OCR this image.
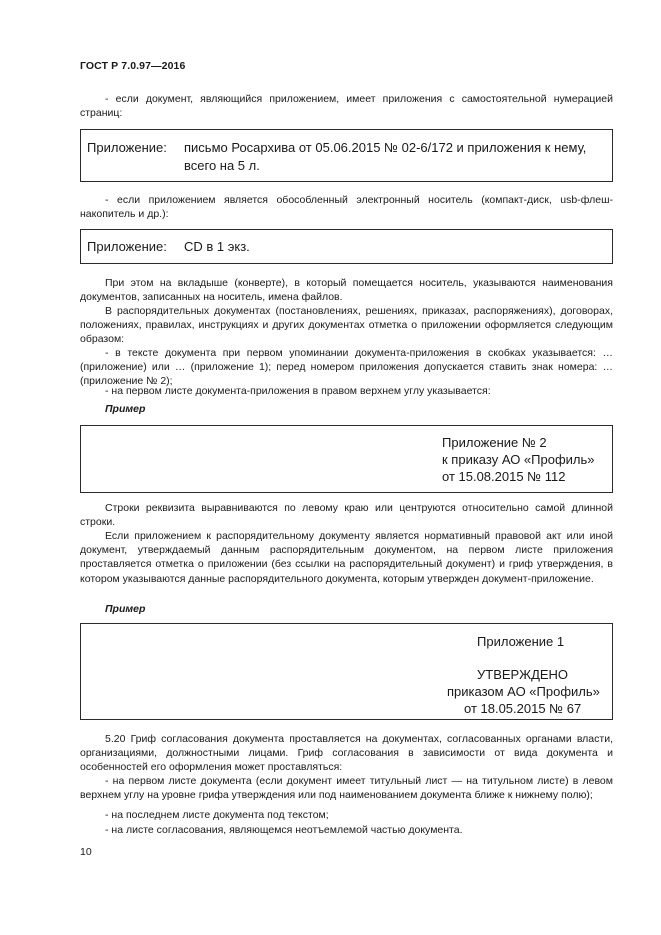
ГОСТ Р 7.0.97—2016
- если документ, являющийся приложением, имеет приложения с самостоятельной нумерацией страниц:
Приложение: письмо Росархива от 05.06.2015 № 02-6/172 и приложения к нему,
всего на 5 л.
- если приложением является обособленный электронный носитель (компакт-диск, usb-флеш-накопитель и др.):
Приложение: CD в 1 экз.
При этом на вкладыше (конверте), в который помещается носитель, указываются наименования документов, записанных на носитель, имена файлов.
В распорядительных документах (постановлениях, решениях, приказах, распоряжениях), договорах, положениях, правилах, инструкциях и других документах отметка о приложении оформляется следующим образом:
- в тексте документа при первом упоминании документа-приложения в скобках указывается: … (приложение) или … (приложение 1); перед номером приложения допускается ставить знак номера: … (приложение № 2);
- на первом листе документа-приложения в правом верхнем углу указывается:
Пример
Приложение № 2
к приказу АО «Профиль»
от 15.08.2015 № 112
Строки реквизита выравниваются по левому краю или центруются относительно самой длинной строки.
Если приложением к распорядительному документу является нормативный правовой акт или иной документ, утверждаемый данным распорядительным документом, на первом листе приложения проставляется отметка о приложении (без ссылки на распорядительный документ) и гриф утверждения, в котором указываются данные распорядительного документа, которым утвержден документ-приложение.
Пример
Приложение 1
УТВЕРЖДЕНО
приказом АО «Профиль»
от 18.05.2015 № 67
5.20 Гриф согласования документа проставляется на документах, согласованных органами власти, организациями, должностными лицами. Гриф согласования в зависимости от вида документа и особенностей его оформления может проставляться:
- на первом листе документа (если документ имеет титульный лист — на титульном листе) в левом верхнем углу на уровне грифа утверждения или под наименованием документа ближе к нижнему полю);
- на последнем листе документа под текстом;
- на листе согласования, являющемся неотъемлемой частью документа.
10
